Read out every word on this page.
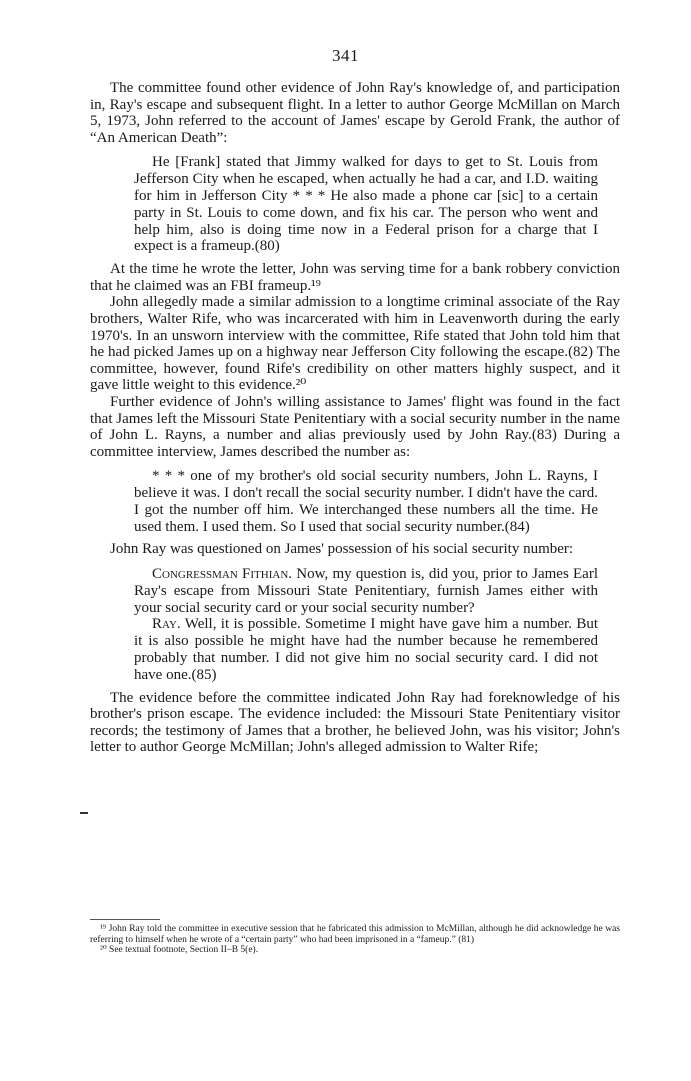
341

The committee found other evidence of John Ray's knowledge of, and participation in, Ray's escape and subsequent flight. In a letter to author George McMillan on March 5, 1973, John referred to the account of James' escape by Gerold Frank, the author of “An American Death”:

He [Frank] stated that Jimmy walked for days to get to St. Louis from Jefferson City when he escaped, when actually he had a car, and I.D. waiting for him in Jefferson City * * * He also made a phone car [sic] to a certain party in St. Louis to come down, and fix his car. The person who went and help him, also is doing time now in a Federal prison for a charge that I expect is a frameup.(80)

At the time he wrote the letter, John was serving time for a bank robbery conviction that he claimed was an FBI frameup.¹⁹

John allegedly made a similar admission to a longtime criminal associate of the Ray brothers, Walter Rife, who was incarcerated with him in Leavenworth during the early 1970's. In an unsworn interview with the committee, Rife stated that John told him that he had picked James up on a highway near Jefferson City following the escape.(82) The committee, however, found Rife's credibility on other matters highly suspect, and it gave little weight to this evidence.²⁰

Further evidence of John's willing assistance to James' flight was found in the fact that James left the Missouri State Penitentiary with a social security number in the name of John L. Rayns, a number and alias previously used by John Ray.(83) During a committee interview, James described the number as:

* * * one of my brother's old social security numbers, John L. Rayns, I believe it was. I don't recall the social security number. I didn't have the card. I got the number off him. We interchanged these numbers all the time. He used them. I used them. So I used that social security number.(84)

John Ray was questioned on James' possession of his social security number:

Congressman Fithian. Now, my question is, did you, prior to James Earl Ray's escape from Missouri State Penitentiary, furnish James either with your social security card or your social security number?

Ray. Well, it is possible. Sometime I might have gave him a number. But it is also possible he might have had the number because he remembered probably that number. I did not give him no social security card. I did not have one.(85)

The evidence before the committee indicated John Ray had foreknowledge of his brother's prison escape. The evidence included: the Missouri State Penitentiary visitor records; the testimony of James that a brother, he believed John, was his visitor; John's letter to author George McMillan; John's alleged admission to Walter Rife;

¹⁹ John Ray told the committee in executive session that he fabricated this admission to McMillan, although he did acknowledge he was referring to himself when he wrote of a “certain party” who had been imprisoned in a “fameup.” (81)

²⁰ See textual footnote, Section II–B 5(e).
